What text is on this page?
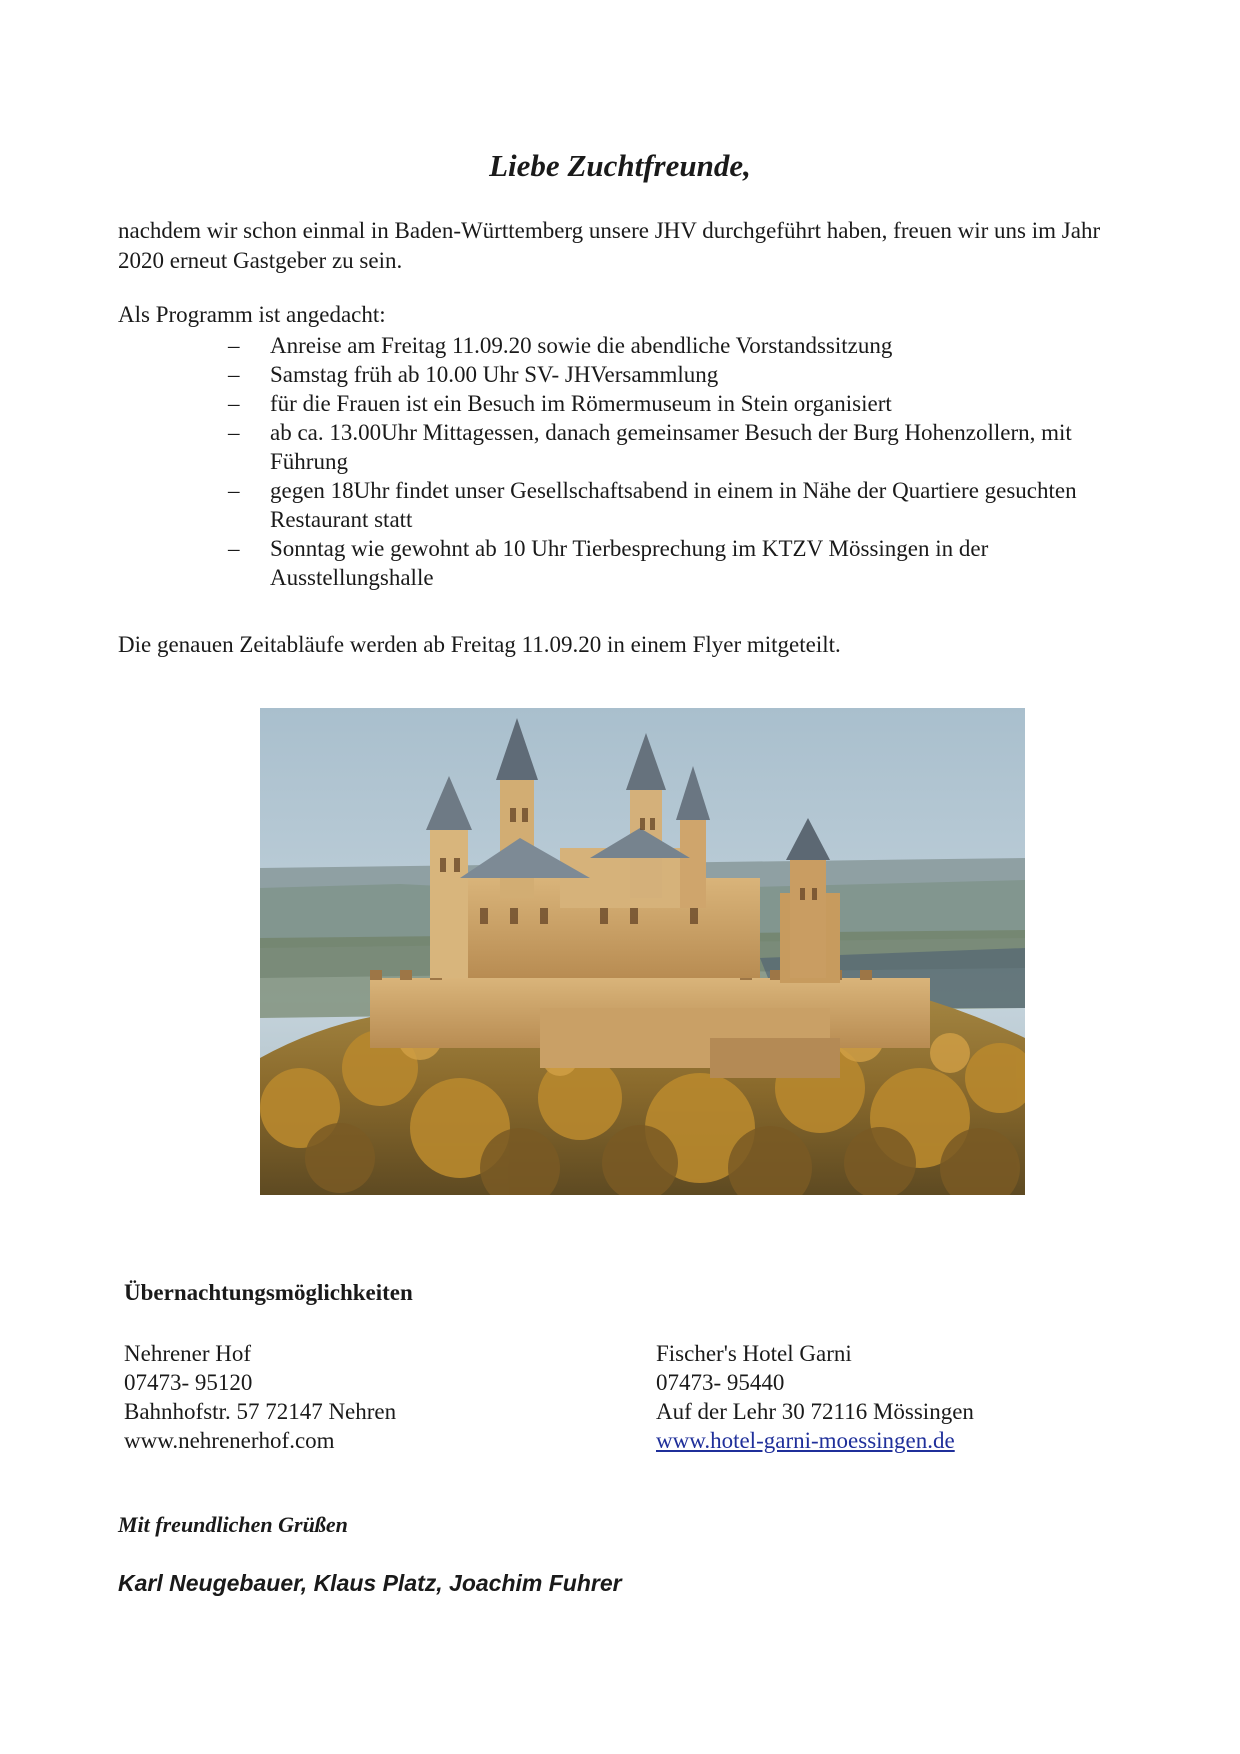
Liebe Zuchtfreunde,
nachdem wir schon einmal in Baden-Württemberg unsere JHV durchgeführt haben, freuen wir uns im Jahr 2020 erneut Gastgeber zu sein.
Als Programm ist angedacht:
– Anreise am Freitag 11.09.20 sowie die abendliche Vorstandssitzung
– Samstag früh ab 10.00 Uhr SV- JHVersammlung
– für die Frauen ist ein Besuch im Römermuseum in Stein organisiert
– ab ca. 13.00Uhr Mittagessen, danach gemeinsamer Besuch der Burg Hohenzollern, mit Führung
– gegen 18Uhr findet unser Gesellschaftsabend in einem in Nähe der Quartiere gesuchten Restaurant statt
– Sonntag wie gewohnt ab 10 Uhr Tierbesprechung im KTZV Mössingen in der Ausstellungshalle
Die genauen Zeitabläufe werden ab Freitag 11.09.20 in einem Flyer mitgeteilt.
Übernachtungsmöglichkeiten
Nehrener Hof
07473- 95120
Bahnhofstr. 57 72147 Nehren
www.nehrenerhof.com
Fischer's Hotel Garni
07473- 95440
Auf der Lehr 30 72116 Mössingen
www.hotel-garni-moessingen.de
Mit freundlichen Grüßen
Karl Neugebauer, Klaus Platz, Joachim Fuhrer
